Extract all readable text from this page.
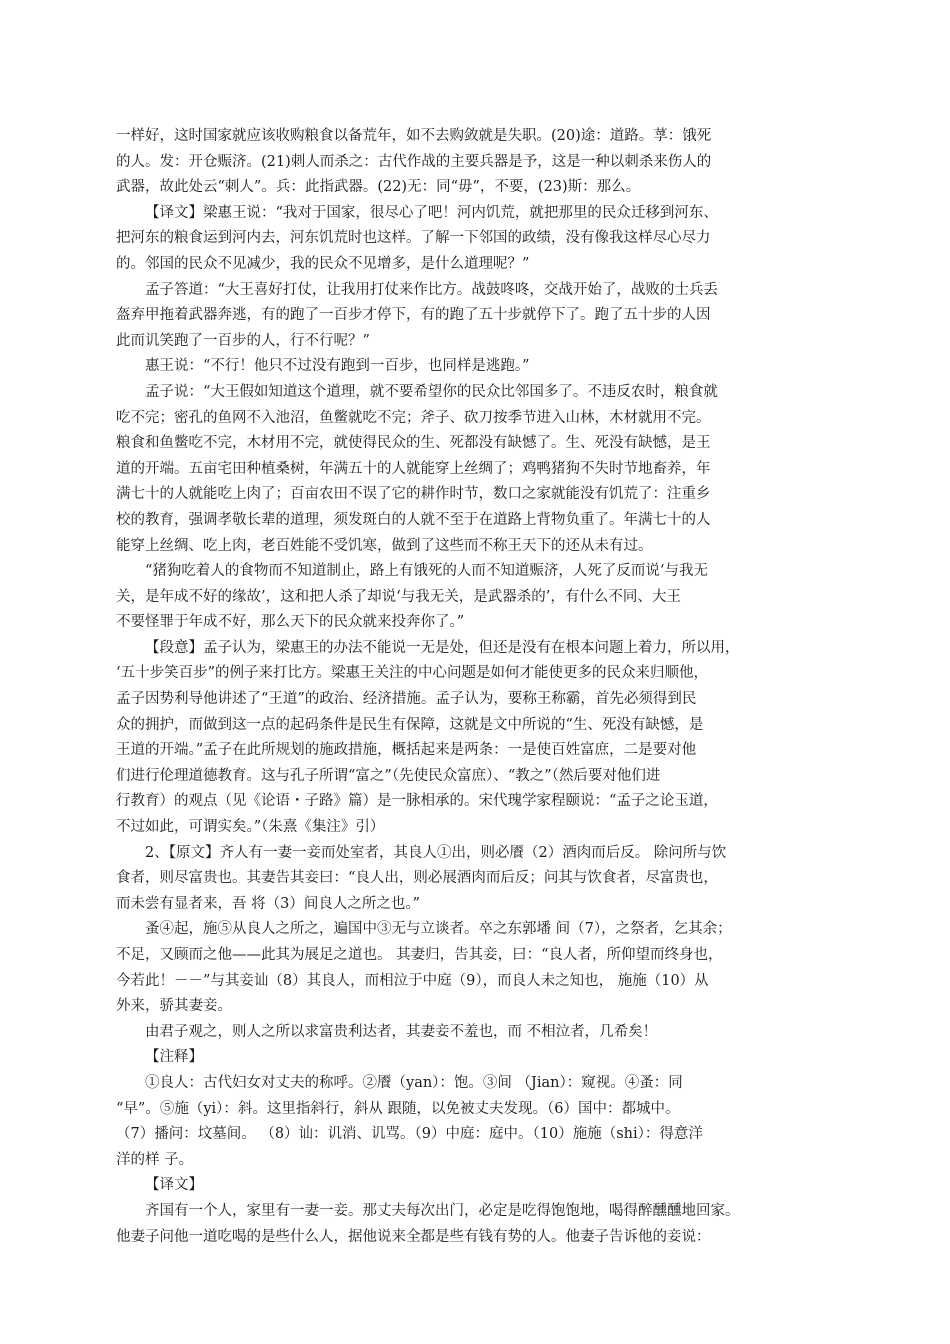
一样好，这时国家就应该收购粮食以备荒年，如不去购敛就是失职。(20)途：道路。莩：饿死
的人。发：开仓赈济。(21)刺人而杀之：古代作战的主要兵器是予，这是一种以刺杀来伤人的
武器，故此处云“刺人”。兵：此指武器。(22)无：同“毋”，不要，(23)斯：那么。
【译文】梁惠王说：“我对于国家，很尽心了吧！河内饥荒，就把那里的民众迁移到河东、
把河东的粮食运到河内去，河东饥荒时也这样。了解一下邻国的政绩，没有像我这样尽心尽力
的。邻国的民众不见减少，我的民众不见增多，是什么道理呢？”
孟子答道：“大王喜好打仗，让我用打仗来作比方。战鼓咚咚，交战开始了，战败的士兵丢
盔弃甲拖着武器奔逃，有的跑了一百步才停下，有的跑了五十步就停下了。跑了五十步的人因
此而讥笑跑了一百步的人，行不行呢？”
惠王说：“不行！他只不过没有跑到一百步，也同样是逃跑。”
孟子说：“大王假如知道这个道理，就不要希望你的民众比邻国多了。不违反农时，粮食就
吃不完；密孔的鱼网不入池沼，鱼鳖就吃不完；斧子、砍刀按季节进入山林，木材就用不完。
粮食和鱼鳖吃不完，木材用不完，就使得民众的生、死都没有缺憾了。生、死没有缺憾，是王
道的开端。五亩宅田种植桑树，年满五十的人就能穿上丝绸了；鸡鸭猪狗不失时节地畜养，年
满七十的人就能吃上肉了；百亩农田不误了它的耕作时节，数口之家就能没有饥荒了：注重乡
校的教育，强调孝敬长辈的道理，须发斑白的人就不至于在道路上背物负重了。年满七十的人
能穿上丝绸、吃上肉，老百姓能不受饥寒，做到了这些而不称王天下的还从未有过。
“猪狗吃着人的食物而不知道制止，路上有饿死的人而不知道赈济，人死了反而说‘与我无
关，是年成不好的缘故’，这和把人杀了却说‘与我无关，是武器杀的’，有什么不同、大王
不要怪罪于年成不好，那么天下的民众就来投奔你了。”
【段意】孟子认为，梁惠王的办法不能说一无是处，但还是没有在根本问题上着力，所以用，
‘五十步笑百步”的例子来打比方。梁惠王关注的中心问题是如何才能使更多的民众来归顺他，
孟子因势利导他讲述了“王道”的政治、经济措施。孟子认为，要称王称霸，首先必须得到民
众的拥护，而做到这一点的起码条件是民生有保障，这就是文中所说的“生、死没有缺憾，是
王道的开端。”孟子在此所规划的施政措施，概括起来是两条：一是使百姓富庶，二是要对他
们进行伦理道德教育。这与孔子所谓“富之”（先使民众富庶）、“教之”（然后要对他们进
行教育）的观点（见《论语・子路》篇）是一脉相承的。宋代瑰学家程颐说：“孟子之论玉道，
不过如此，可谓实矣。”（朱熹《集注》引）
2、【原文】齐人有一妻一妾而处室者，其良人①出，则必餍（2）酒肉而后反。 除问所与饮
食者，则尽富贵也。其妻告其妾曰：“良人出，则必展酒肉而后反；问其与饮食者，尽富贵也，
而未尝有显者来，吾 将（3）间良人之所之也。”
蚤④起，施⑤从良人之所之，遍国中③无与立谈者。卒之东郭墦 间（7），之祭者，乞其余；
不足，又顾而之他——此其为展足之道也。 其妻归，告其妾，曰：“良人者，所仰望而终身也，
今若此！－－”与其妾讪（8）其良人，而相泣于中庭（9），而良人未之知也， 施施（10）从
外来，骄其妻妾。
由君子观之，则人之所以求富贵利达者，其妻妾不羞也，而 不相泣者，几希矣！
【注释】
①良人：古代妇女对丈夫的称呼。②餍（yan）：饱。③间 （Jian）：窥视。④蚤：同
“早”。⑤施（yi）：斜。这里指斜行，斜从 跟随，以免被丈夫发现。（6）国中：都城中。
（7）播问：坟墓间。 （8）讪：讥消、讥骂。（9）中庭：庭中。（10）施施（shi）：得意洋
洋的样 子。
【译文】
齐国有一个人，家里有一妻一妾。那丈夫每次出门，必定是吃得饱饱地，喝得醉醺醺地回家。
他妻子问他一道吃喝的是些什么人，据他说来全都是些有钱有势的人。他妻子告诉他的妾说：
